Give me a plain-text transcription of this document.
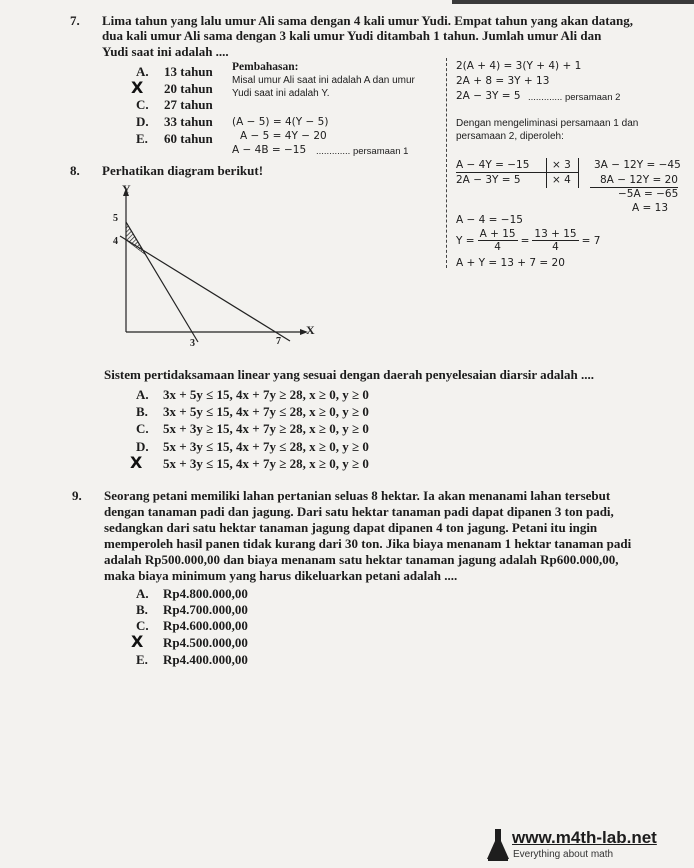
7. Lima tahun yang lalu umur Ali sama dengan 4 kali umur Yudi. Empat tahun yang akan datang,
dua kali umur Ali sama dengan 3 kali umur Yudi ditambah 1 tahun. Jumlah umur Ali dan
Yudi saat ini adalah ....
A. 13 tahun
X 20 tahun
C. 27 tahun
D. 33 tahun
E. 60 tahun
Pembahasan:
Misal umur Ali saat ini adalah A dan umur
Yudi saat ini adalah Y.
(A − 5) = 4(Y − 5)
A − 5 = 4Y − 20
A − 4B = −15 ............. persamaan 1
2(A + 4) = 3(Y + 4) + 1
2A + 8 = 3Y + 13
2A − 3Y = 5 ............. persamaan 2
Dengan mengeliminasi persamaan 1 dan
persamaan 2, diperoleh:
A − 4Y = −15 × 3
2A − 3Y = 5	× 4
3A − 12Y = −45
8A − 12Y = 20
−5A = −65
A = 13
A − 4 = −15
$Y = \frac{A + 15}{4} = \frac{13 + 15}{4} = 7$
A + Y = 13 + 7 = 20
8. Perhatikan diagram berikut!
Y
X
5
4
3	7
Sistem pertidaksamaan linear yang sesuai dengan daerah penyelesaian diarsir adalah ....
A. 3x + 5y ≤ 15, 4x + 7y ≥ 28, x ≥ 0, y ≥ 0
B. 3x + 5y ≤ 15, 4x + 7y ≤ 28, x ≥ 0, y ≥ 0
C. 5x + 3y ≥ 15, 4x + 7y ≥ 28, x ≥ 0, y ≥ 0
D. 5x + 3y ≤ 15, 4x + 7y ≤ 28, x ≥ 0, y ≥ 0
X 5x + 3y ≤ 15, 4x + 7y ≥ 28, x ≥ 0, y ≥ 0
9. Seorang petani memiliki lahan pertanian seluas 8 hektar. Ia akan menanami lahan tersebut
dengan tanaman padi dan jagung. Dari satu hektar tanaman padi dapat dipanen 3 ton padi,
sedangkan dari satu hektar tanaman jagung dapat dipanen 4 ton jagung. Petani itu ingin
memperoleh hasil panen tidak kurang dari 30 ton. Jika biaya menanam 1 hektar tanaman padi
adalah Rp500.000,00 dan biaya menanam satu hektar tanaman jagung adalah Rp600.000,00,
maka biaya minimum yang harus dikeluarkan petani adalah ....
A. Rp4.800.000,00
B. Rp4.700.000,00
C. Rp4.600.000,00
X Rp4.500.000,00
E. Rp4.400.000,00
www.m4th-lab.net
Everything about math
